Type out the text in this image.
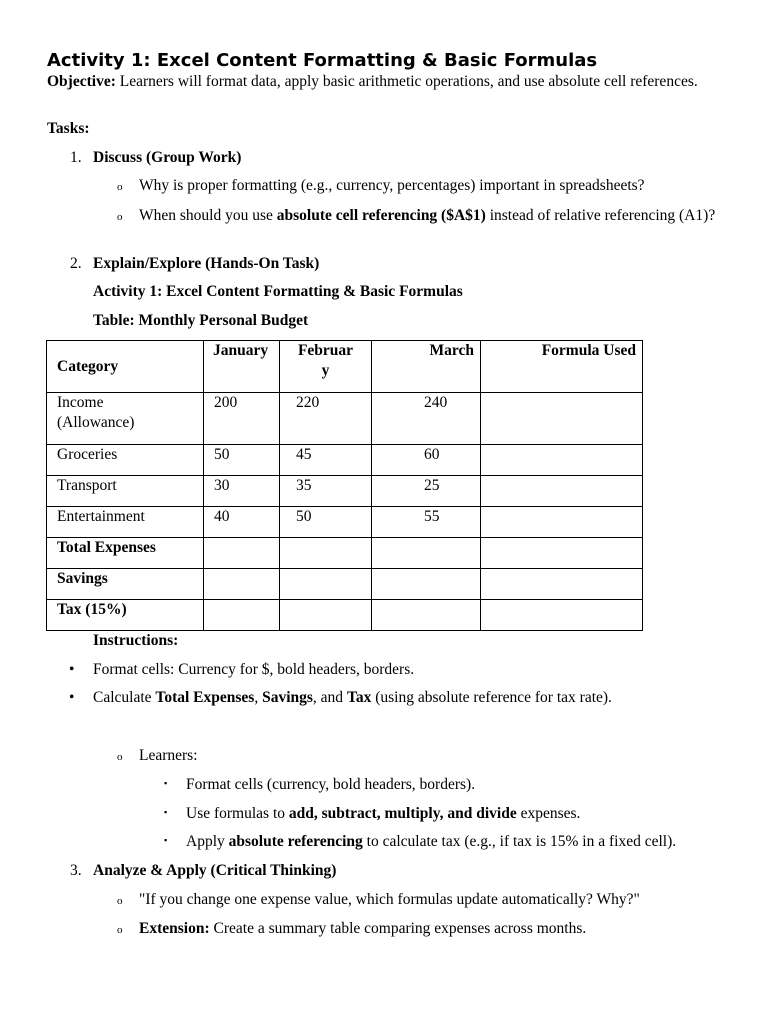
Activity 1: Excel Content Formatting & Basic Formulas
Objective: Learners will format data, apply basic arithmetic operations, and use absolute cell references.
Tasks:
1. Discuss (Group Work)
o Why is proper formatting (e.g., currency, percentages) important in spreadsheets?
o When should you use absolute cell referencing ($A$1) instead of relative referencing (A1)?
2. Explain/Explore (Hands-On Task)
Activity 1: Excel Content Formatting & Basic Formulas
Table: Monthly Personal Budget
Category	January	Februar y	March	Formula Used

Income (Allowance)	200	220	240	
Groceries	50	45	60	
Transport	30	35	25	
Entertainment	40	50	55	
Total Expenses				
Savings				
Tax (15%)				
Instructions:
• Format cells: Currency for $, bold headers, borders.
• Calculate Total Expenses, Savings, and Tax (using absolute reference for tax rate).
o Learners:
▪ Format cells (currency, bold headers, borders).
▪ Use formulas to add, subtract, multiply, and divide expenses.
▪ Apply absolute referencing to calculate tax (e.g., if tax is 15% in a fixed cell).
3. Analyze & Apply (Critical Thinking)
o "If you change one expense value, which formulas update automatically? Why?"
o Extension: Create a summary table comparing expenses across months.
